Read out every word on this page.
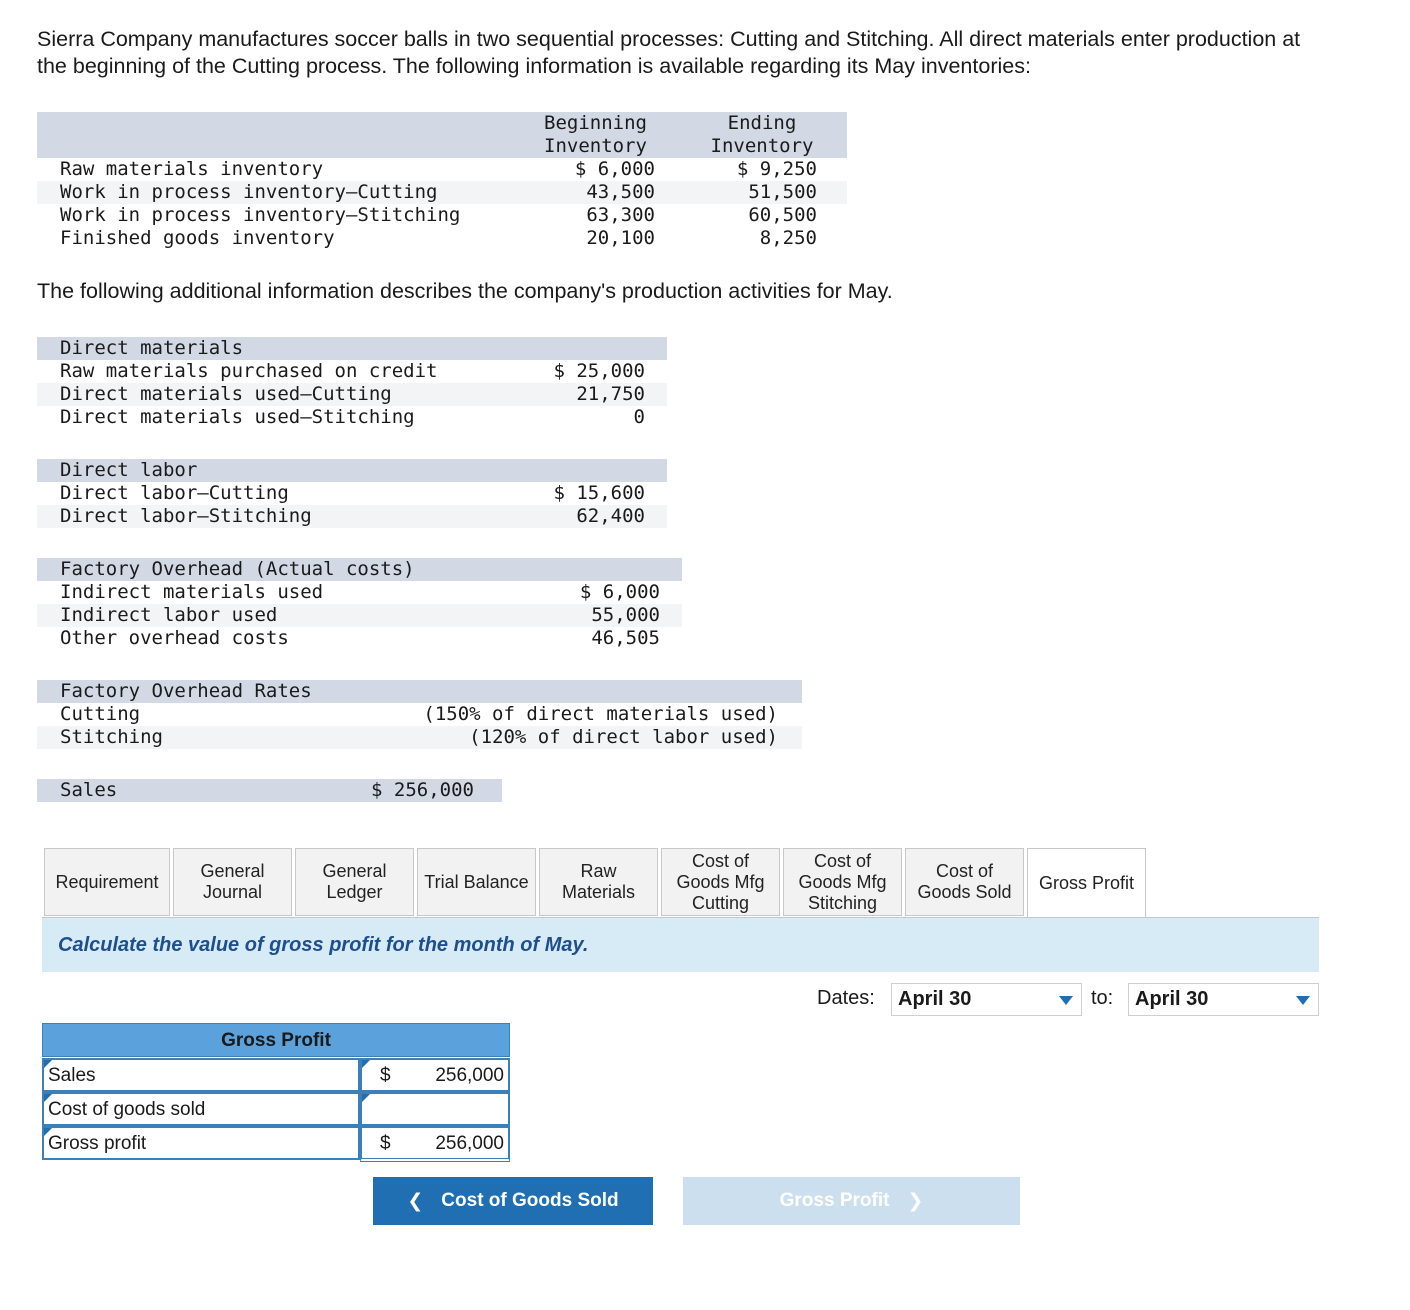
Sierra Company manufactures soccer balls in two sequential processes: Cutting and Stitching. All direct materials enter production at
the beginning of the Cutting process. The following information is available regarding its May inventories:
Beginning
Inventory
Ending
Inventory
Raw materials inventory	$ 6,000	$ 9,250
Work in process inventory—Cutting	43,500	51,500
Work in process inventory—Stitching	63,300	60,500
Finished goods inventory	20,100	8,250
The following additional information describes the company's production activities for May.
Direct materials
Raw materials purchased on credit	$ 25,000
Direct materials used—Cutting	21,750
Direct materials used—Stitching	0
Direct labor
Direct labor—Cutting	$ 15,600
Direct labor—Stitching	62,400
Factory Overhead (Actual costs)
Indirect materials used	$ 6,000
Indirect labor used	55,000
Other overhead costs	46,505
Factory Overhead Rates
Cutting	(150% of direct materials used)
Stitching	(120% of direct labor used)
Sales	$ 256,000
Requirement
General
Journal
General
Ledger
Trial Balance
Raw
Materials
Cost of
Goods Mfg
Cutting
Cost of
Goods Mfg
Stitching
Cost of
Goods Sold Gross Profit
Calculate the value of gross profit for the month of May.
Dates:	April 30	to:	April 30
Gross Profit
Sales	$ 256,000
Cost of goods sold
Gross profit	$ 256,000
❮ Cost of Goods Sold	Gross Profit ❯
